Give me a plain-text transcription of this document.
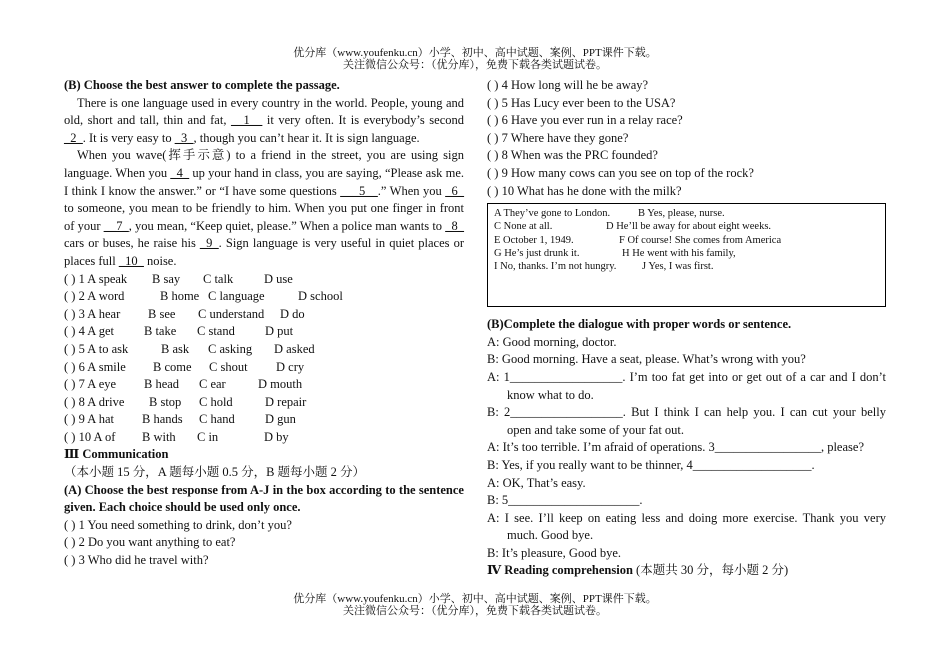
优分库（www.youfenku.cn）小学、初中、高中试题、案例、PPT课件下载。
关注微信公众号：（优分库），免费下载各类试题试卷。

(B) Choose the best answer to complete the passage.

There is one language used in every country in the world. People, young and old, short and tall, thin and fat, __1__ it very often. It is everybody’s second _2_. It is very easy to _3_, though you can’t hear it. It is sign language.

When you wave(挥手示意) to a friend in the street, you are using sign language. When you _4_ up your hand in class, you are saying, “Please ask me. I think I know the answer.” or “I have some questions ___5__.” When you _6_ to someone, you mean to be friendly to him. When you put one finger in front of your __7_, you mean, “Keep quiet, please.” When a police man wants to _8_ cars or buses, he raise his _9_. Sign language is very useful in quiet places or places full _10_ noise.

( ) 1 A speak	B say	C talk	D use
( ) 2 A word	B home C language	D school
( ) 3 A hear	B see	C understand	D do
( ) 4 A get	B take	C stand	D put
( ) 5 A to ask	B ask	C asking	D asked
( ) 6 A smile	B come	C shout	D cry
( ) 7 A eye	B head	C ear	D mouth
( ) 8 A drive	B stop	C hold	D repair
( ) 9 A hat	B hands	C hand	D gun
( ) 10 A of	B with	C in	D by

Ⅲ Communication（本小题 15 分，A 题每小题 0.5 分，B 题每小题 2 分）

(A) Choose the best response from A-J in the box according to the sentence given. Each choice should be used only once.

( ) 1 You need something to drink, don’t you?

( ) 2 Do you want anything to eat?

( ) 3 Who did he travel with?

( ) 4 How long will he be away?

( ) 5 Has Lucy ever been to the USA?

( ) 6 Have you ever run in a relay race?

( ) 7 Where have they gone?

( ) 8 When was the PRC founded?

( ) 9 How many cows can you see on top of the rock?

( ) 10 What has he done with the milk?

A They’ve gone to London.	B Yes, please, nurse.
C None at all.	D He’ll be away for about eight weeks.
E October 1, 1949.	F Of course! She comes from America
G He’s just drunk it.	H He went with his family,
I No, thanks. I’m not hungry.	J Yes, I was first.

(B)Complete the dialogue with proper words or sentence.

A: Good morning, doctor.

B: Good morning. Have a seat, please. What’s wrong with you?

A: 1__________________. I’m too fat get into or get out of a car and I don’t know what to do.

B: 2__________________. But I think I can help you. I can cut your belly open and take some of your fat out.

A: It’s too terrible. I’m afraid of operations. 3_________________, please?

B: Yes, if you really want to be thinner, 4___________________.

A: OK, That’s easy.

B: 5_____________________.

A: I see. I’ll keep on eating less and doing more exercise. Thank you very much. Good bye.

B: It’s pleasure, Good bye.

Ⅳ Reading comprehension (本题共 30 分，每小题 2 分)

优分库（www.youfenku.cn）小学、初中、高中试题、案例、PPT课件下载。
关注微信公众号：（优分库），免费下载各类试题试卷。
